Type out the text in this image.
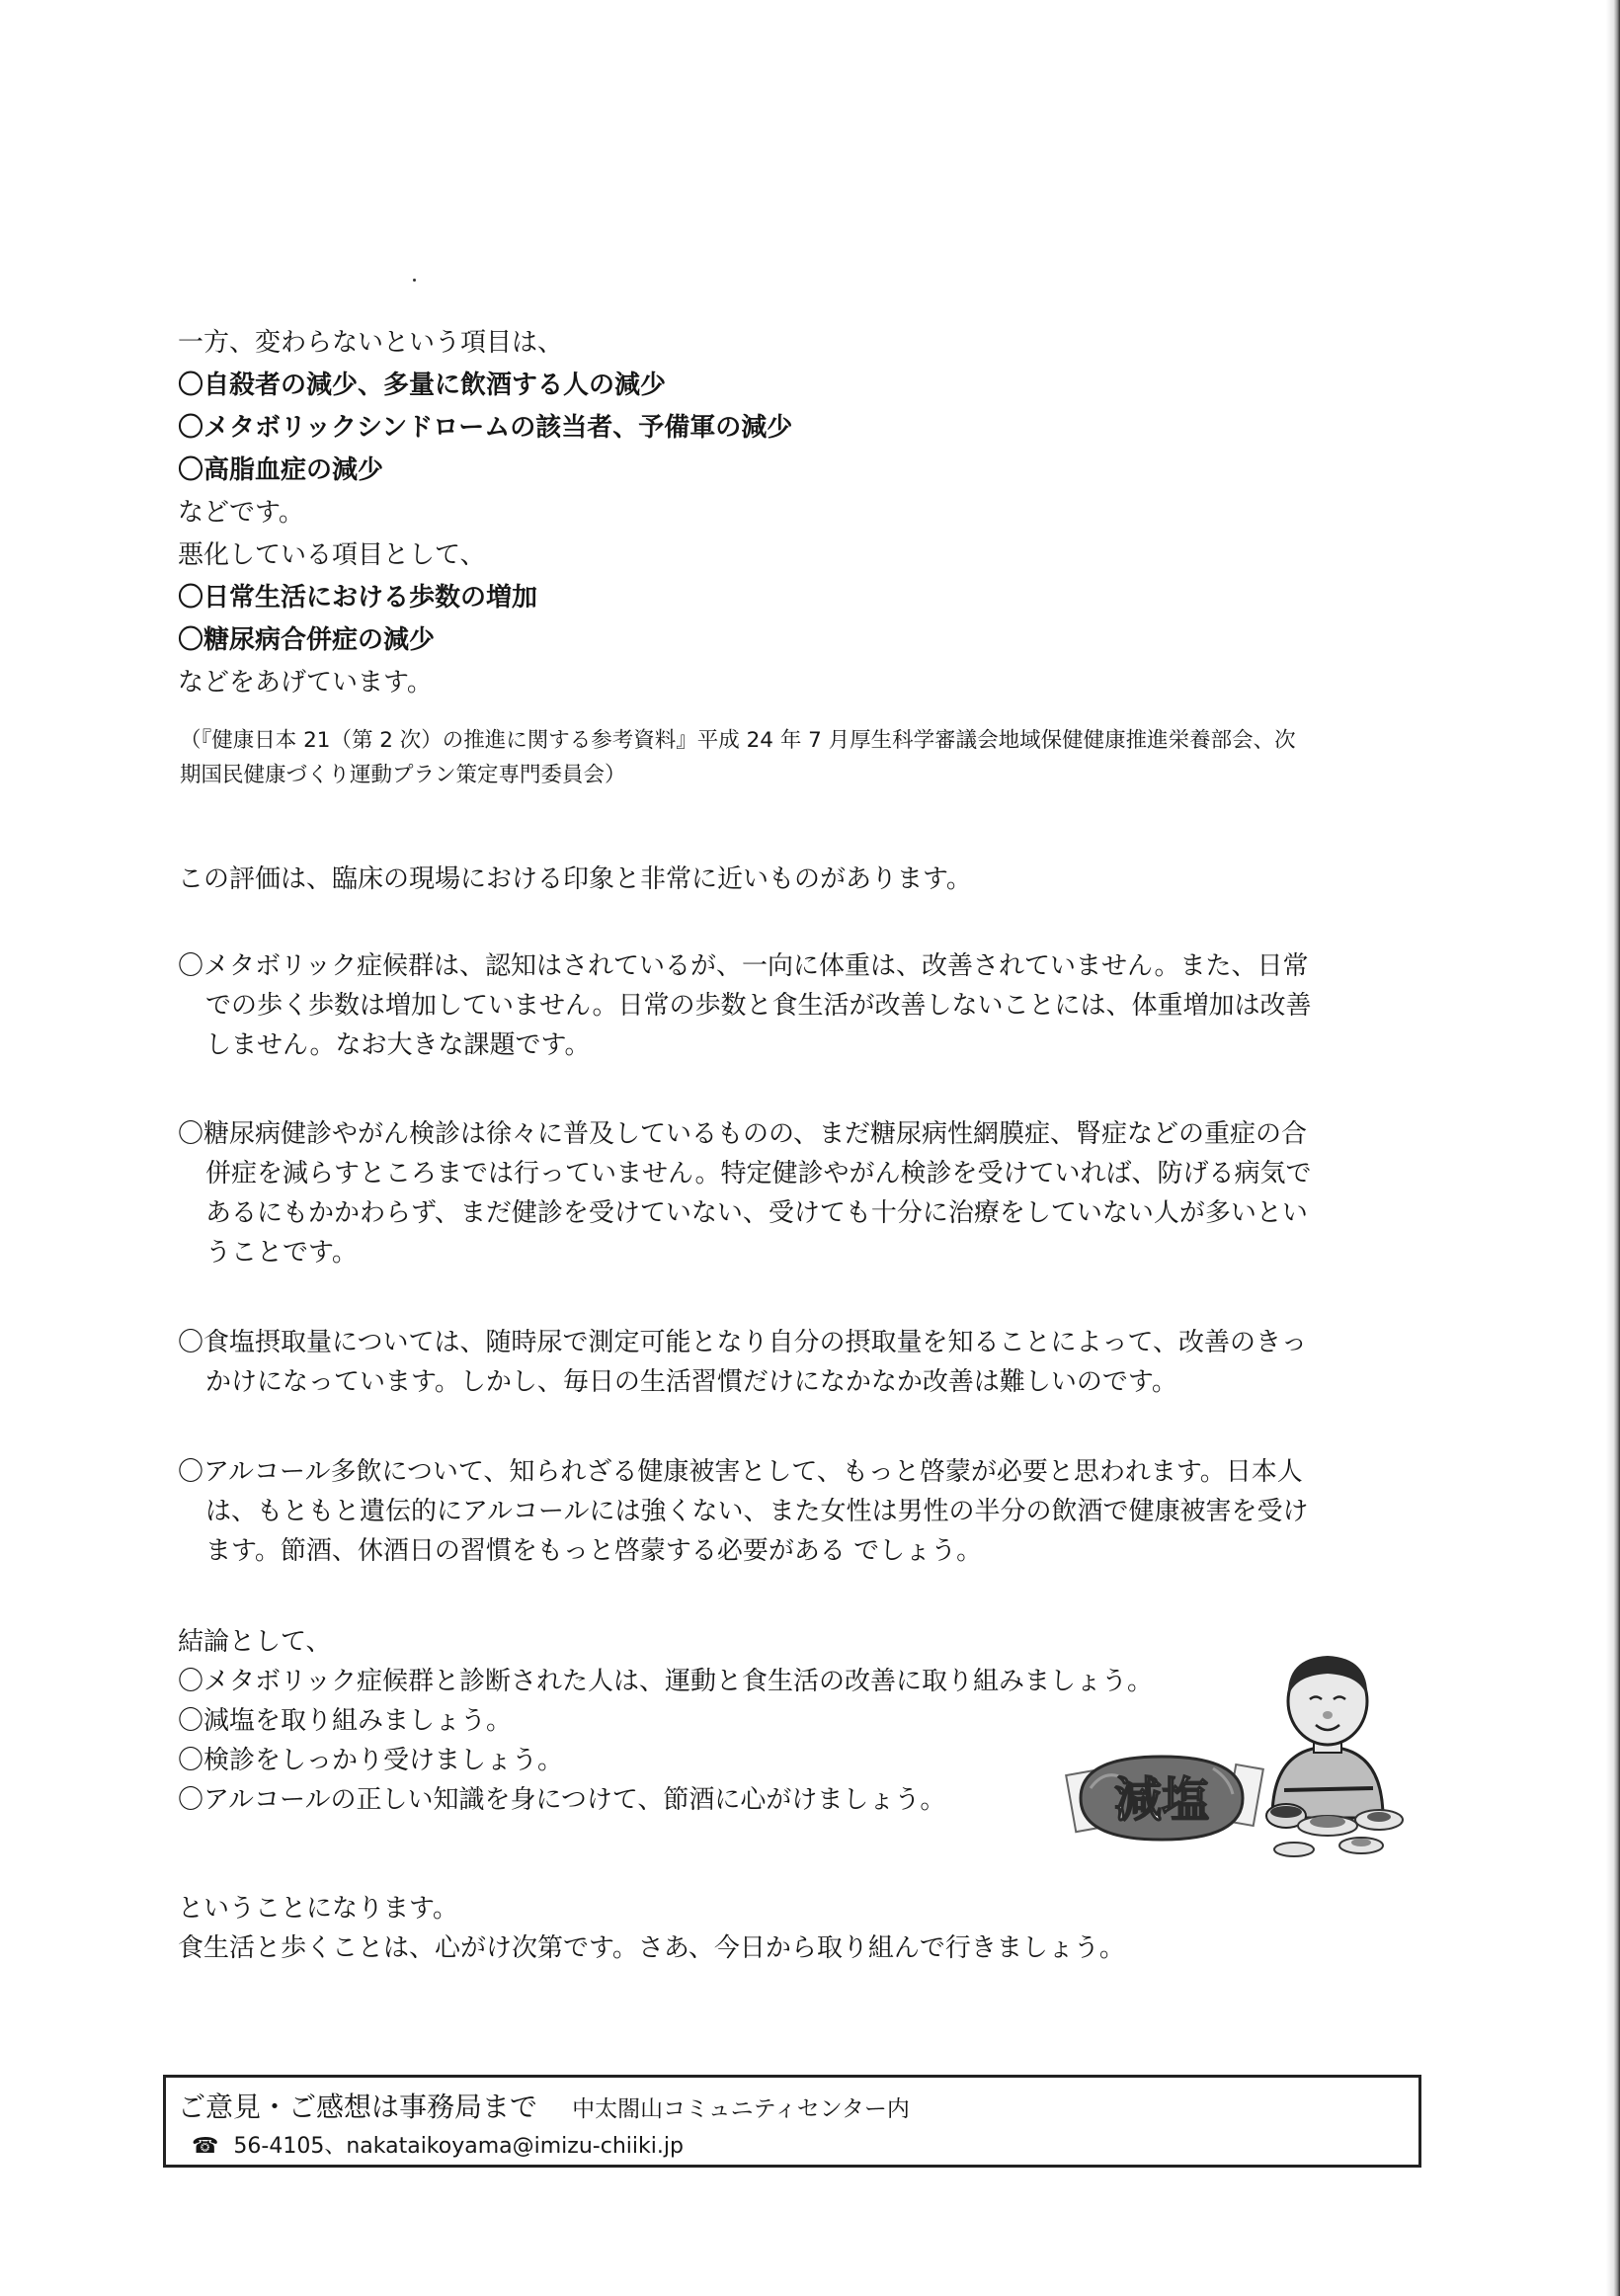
一方、変わらないという項目は、
〇自殺者の減少、多量に飲酒する人の減少
〇メタボリックシンドロームの該当者、予備軍の減少
〇高脂血症の減少
などです。
悪化している項目として、
〇日常生活における歩数の増加
〇糖尿病合併症の減少
などをあげています。
（『健康日本 21（第 2 次）の推進に関する参考資料』平成 24 年 7 月厚生科学審議会地域保健健康推進栄養部会、次
期国民健康づくり運動プラン策定専門委員会）
この評価は、臨床の現場における印象と非常に近いものがあります。
〇メタボリック症候群は、認知はされているが、一向に体重は、改善されていません。また、日常
での歩く歩数は増加していません。日常の歩数と食生活が改善しないことには、体重増加は改善
しません。なお大きな課題です。
〇糖尿病健診やがん検診は徐々に普及しているものの、まだ糖尿病性網膜症、腎症などの重症の合
併症を減らすところまでは行っていません。特定健診やがん検診を受けていれば、防げる病気で
あるにもかかわらず、まだ健診を受けていない、受けても十分に治療をしていない人が多いとい
うことです。
〇食塩摂取量については、随時尿で測定可能となり自分の摂取量を知ることによって、改善のきっ
かけになっています。しかし、毎日の生活習慣だけになかなか改善は難しいのです。
〇アルコール多飲について、知られざる健康被害として、もっと啓蒙が必要と思われます。日本人
は、もともと遺伝的にアルコールには強くない、また女性は男性の半分の飲酒で健康被害を受け
ます。節酒、休酒日の習慣をもっと啓蒙する必要がある でしょう。
結論として、
〇メタボリック症候群と診断された人は、運動と食生活の改善に取り組みましょう。
〇減塩を取り組みましょう。
〇検診をしっかり受けましょう。
〇アルコールの正しい知識を身につけて、節酒に心がけましょう。	減塩
ということになります。
食生活と歩くことは、心がけ次第です。さあ、今日から取り組んで行きましょう。
ご意見・ご感想は事務局まで 中太閤山コミュニティセンター内
☎ 56-4105、nakataikoyama@imizu-chiiki.jp
